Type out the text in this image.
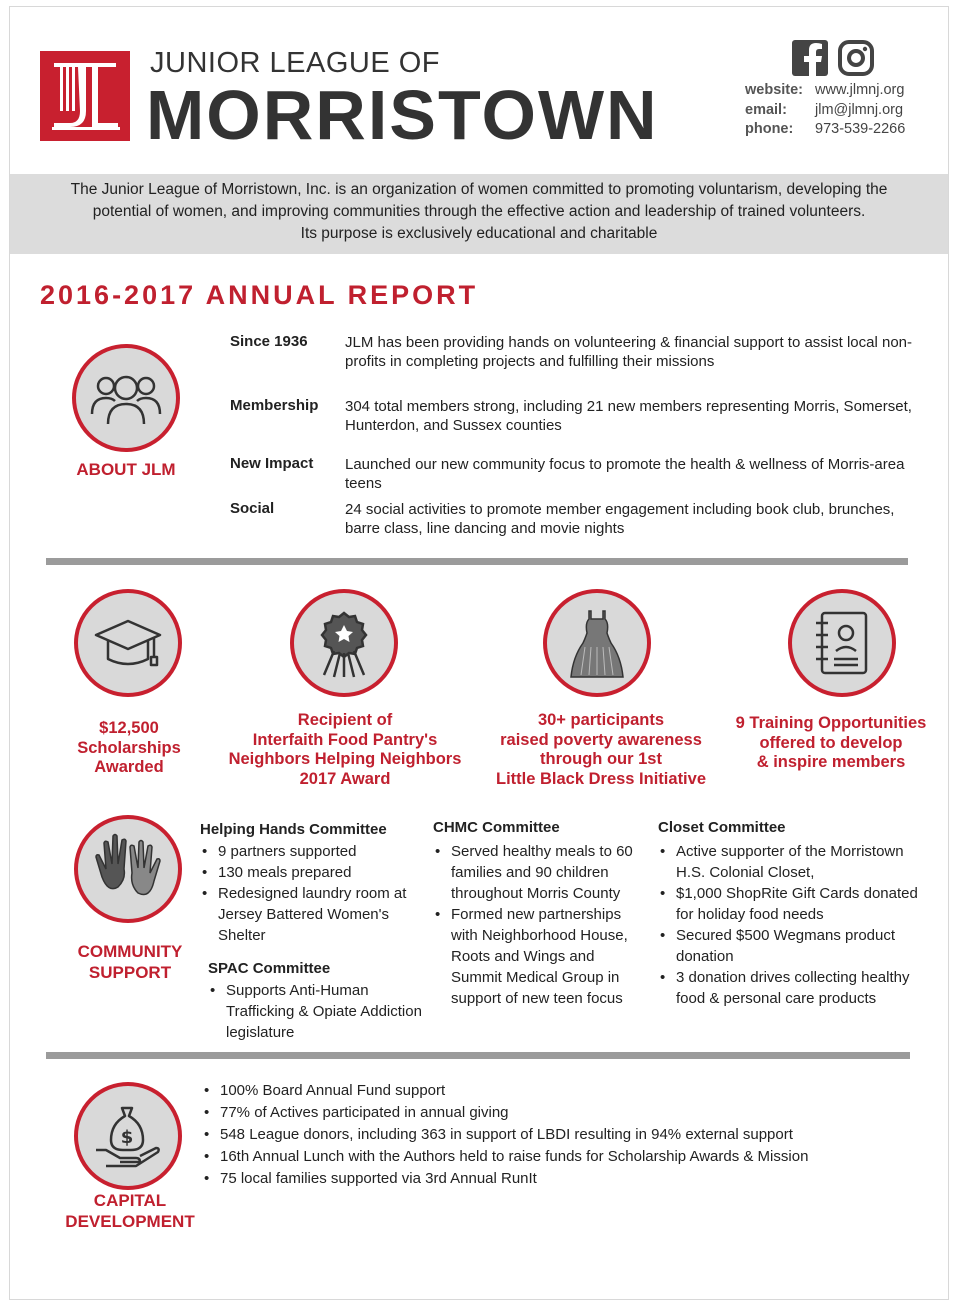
JUNIOR LEAGUE OF
MORRISTOWN
	website: www.jlmnj.org
email: jlm@jlmnj.org
phone: 973-539-2266
The Junior League of Morristown, Inc. is an organization of women committed to promoting voluntarism, developing the
potential of women, and improving communities through the effective action and leadership of trained volunteers.
Its purpose is exclusively educational and charitable
2016-2017 ANNUAL REPORT
ABOUT JLM
Since 1936	JLM has been providing hands on volunteering & financial support to assist local non-profits in completing projects and fulfilling their missions
Membership	304 total members strong, including 21 new members representing Morris, Somerset, Hunterdon, and Sussex counties
New Impact	Launched our new community focus to promote the health & wellness of Morris-area teens
Social	24 social activities to promote member engagement including book club, brunches, barre class, line dancing and movie nights
$12,500
Scholarships
Awarded
Recipient of
Interfaith Food Pantry's
Neighbors Helping Neighbors
2017 Award
30+ participants
raised poverty awareness
through our 1st
Little Black Dress Initiative
9 Training Opportunities
offered to develop
& inspire members
COMMUNITY
SUPPORT
Helping Hands Committee
• 9 partners supported
• 130 meals prepared
• Redesigned laundry room at Jersey Battered Women's Shelter
SPAC Committee
• Supports Anti-Human Trafficking & Opiate Addiction legislature
CHMC Committee
• Served healthy meals to 60 families and 90 children throughout Morris County
• Formed new partnerships with Neighborhood House, Roots and Wings and Summit Medical Group in support of new teen focus
Closet Committee
• Active supporter of the Morristown H.S. Colonial Closet,
• $1,000 ShopRite Gift Cards donated for holiday food needs
• Secured $500 Wegmans product donation
• 3 donation drives collecting healthy food & personal care products
$
CAPITAL
DEVELOPMENT
• 100% Board Annual Fund support
• 77% of Actives participated in annual giving
• 548 League donors, including 363 in support of LBDI resulting in 94% external support
• 16th Annual Lunch with the Authors held to raise funds for Scholarship Awards & Mission
• 75 local families supported via 3rd Annual RunIt
